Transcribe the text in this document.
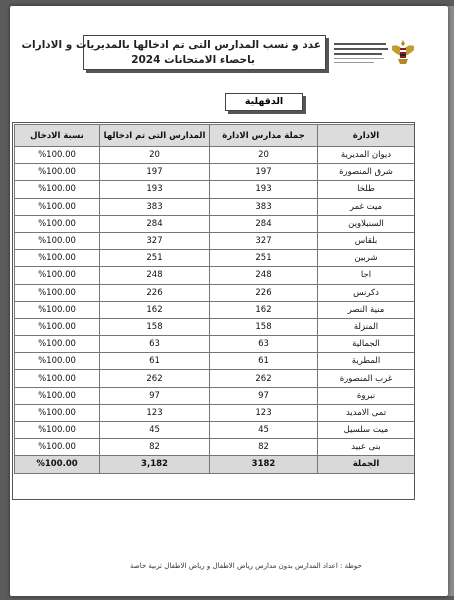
عدد و نسب المدارس التى تم ادخالها بالمديريات و الادارات
باحصاء الامتحانات 2024
الدقهلية
نسبة الادخال	المدارس التى تم ادخالها	جملة مدارس الادارة	الادارة
%100.00	20	20	ديوان المديرية
%100.00	197	197	شرق المنصورة
%100.00	193	193	طلخا
%100.00	383	383	ميت غمر
%100.00	284	284	السنبلاوين
%100.00	327	327	بلقاس
%100.00	251	251	شربين
%100.00	248	248	اجا
%100.00	226	226	دكرنس
%100.00	162	162	منية النصر
%100.00	158	158	المنزلة
%100.00	63	63	الجمالية
%100.00	61	61	المطرية
%100.00	262	262	غرب المنصورة
%100.00	97	97	نبروة
%100.00	123	123	تمى الامديد
%100.00	45	45	ميت سلسيل
%100.00	82	82	بنى عبيد
%100.00	3,182	3182	الجملة
حوظة : اعداد المدارس بدون مدارس رياض الاطفال و رياض الاطفال تربية خاصة
